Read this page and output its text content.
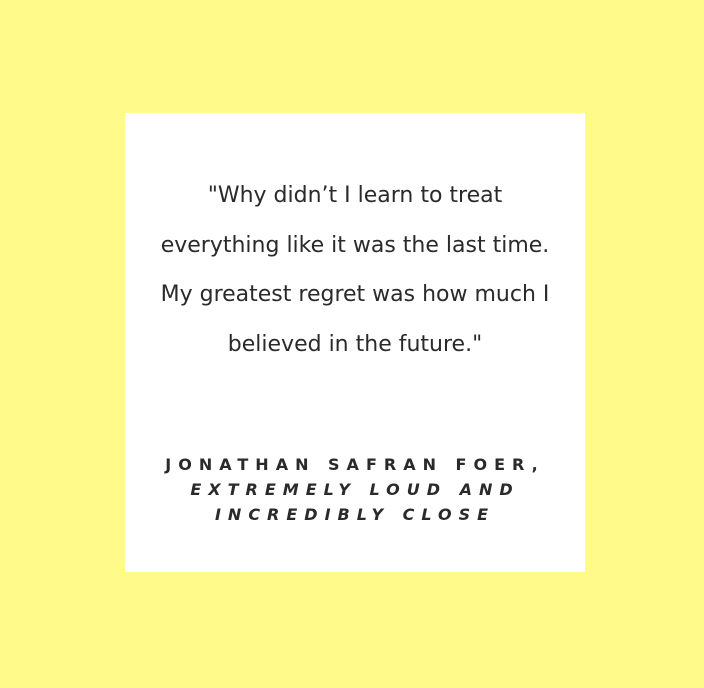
"Why didn’t I learn to treat everything like it was the last time. My greatest regret was how much I believed in the future."

JONATHAN SAFRAN FOER,
EXTREMELY LOUD AND
INCREDIBLY CLOSE
